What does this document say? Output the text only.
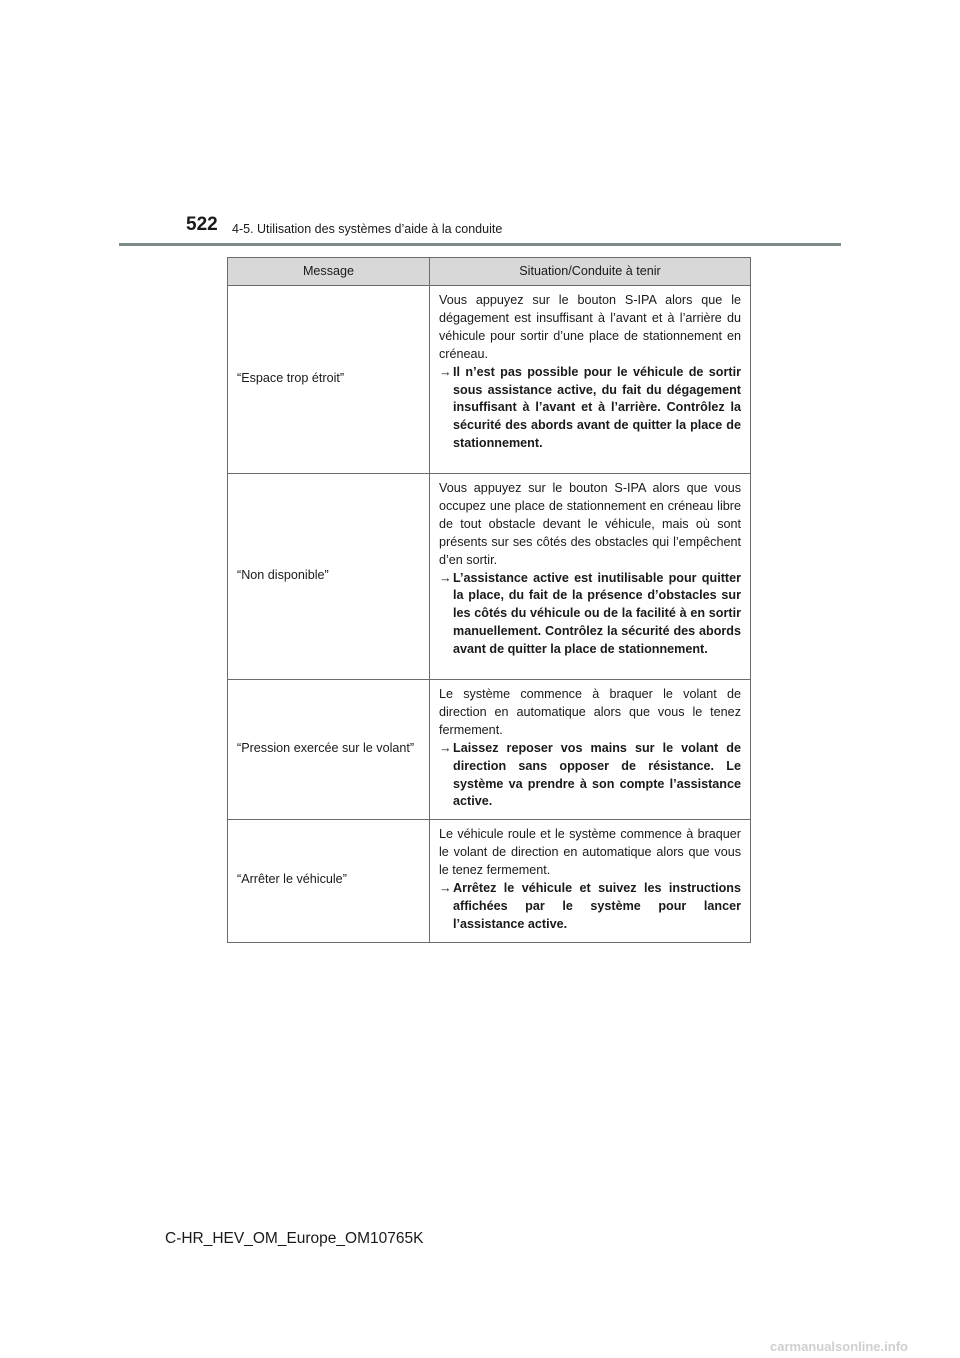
522 4-5. Utilisation des systèmes d’aide à la conduite
Message	Situation/Conduite à tenir
“Espace trop étroit”	Vous appuyez sur le bouton S-IPA alors que le dégagement est insuffisant à l’avant et à l’arrière du véhicule pour sortir d’une place de stationnement en créneau.

→ Il n’est pas possible pour le véhicule de sortir sous assistance active, du fait du dégagement insuffisant à l’avant et à l’arrière. Contrôlez la sécurité des abords avant de quitter la place de stationnement.

“Non disponible”	Vous appuyez sur le bouton S-IPA alors que vous occupez une place de stationnement en créneau libre de tout obstacle devant le véhicule, mais où sont présents sur ses côtés des obstacles qui l’empêchent d’en sortir.

→ L’assistance active est inutilisable pour quitter la place, du fait de la présence d’obstacles sur les côtés du véhicule ou de la facilité à en sortir manuellement. Contrôlez la sécurité des abords avant de quitter la place de stationnement.

“Pression exercée sur le volant”	Le système commence à braquer le volant de direction en automatique alors que vous le tenez fermement.

→ Laissez reposer vos mains sur le volant de direction sans opposer de résistance. Le système va prendre à son compte l’assistance active.

“Arrêter le véhicule”	Le véhicule roule et le système commence à braquer le volant de direction en automatique alors que vous le tenez fermement.

→ Arrêtez le véhicule et suivez les instructions affichées par le système pour lancer l’assistance active.
C-HR_HEV_OM_Europe_OM10765K
carmanualsonline.info
